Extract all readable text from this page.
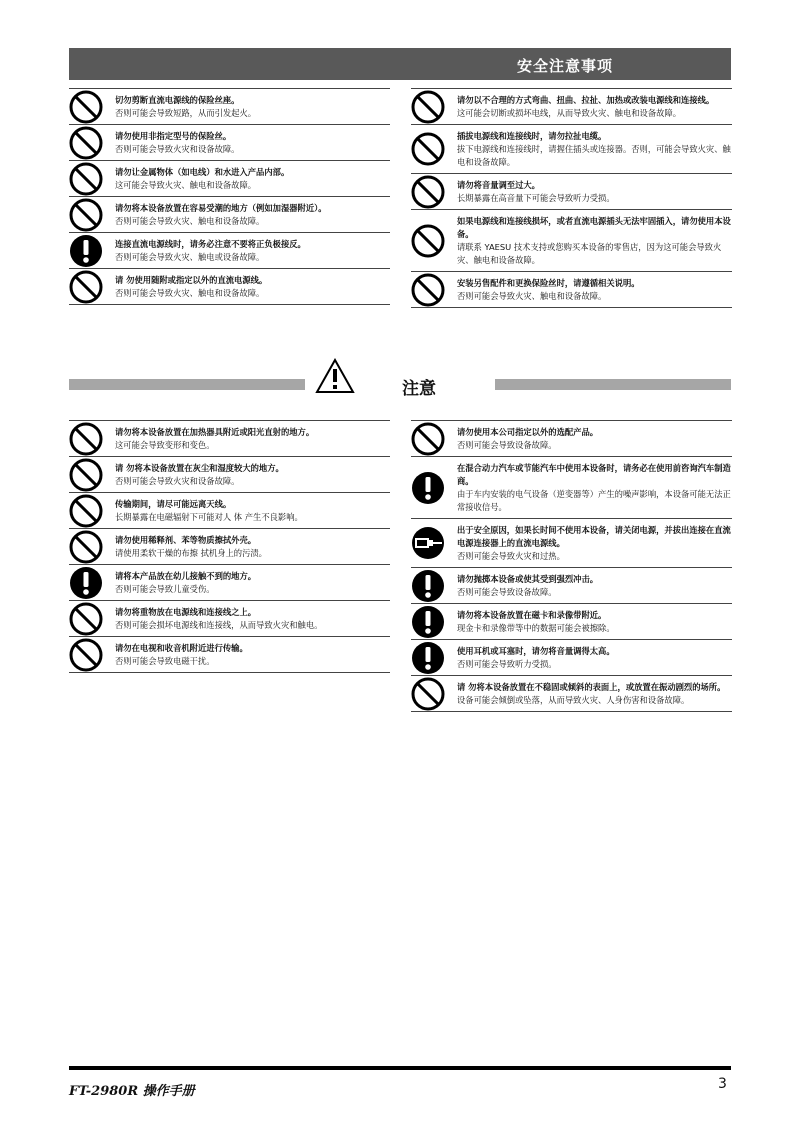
安全注意事项
切勿剪断直流电源线的保险丝座。
否则可能会导致短路，从而引发起火。
请勿使用非指定型号的保险丝。
否则可能会导致火灾和设备故障。
请勿让金属物体（如电线）和水进入产品内部。
这可能会导致火灾、触电和设备故障。
请勿将本设备放置在容易受潮的地方（例如加湿器附近）。
否则可能会导致火灾、触电和设备故障。
连接直流电源线时，请务必注意不要将正负极接反。
否则可能会导致火灾、触电或设备故障。
请 勿使用随附或指定以外的直流电源线。
否则可能会导致火灾、触电和设备故障。
请勿以不合理的方式弯曲、扭曲、拉扯、加热或改装电源线和连接线。
这可能会切断或损坏电线，从而导致火灾、触电和设备故障。
插拔电源线和连接线时，请勿拉扯电缆。
拔下电源线和连接线时，请握住插头或连接器。否则，可能会导致火灾、触电和设备故障。
请勿将音量调至过大。
长期暴露在高音量下可能会导致听力受损。
如果电源线和连接线损坏，或者直流电源插头无法牢固插入，请勿使用本设备。
请联系 YAESU 技术支持或您购买本设备的零售店，因为这可能会导致火灾、触电和设备故障。
安装另售配件和更换保险丝时，请遵循相关说明。
否则可能会导致火灾、触电和设备故障。
注意
请勿将本设备放置在加热器具附近或阳光直射的地方。
这可能会导致变形和变色。
请 勿将本设备放置在灰尘和湿度较大的地方。
否则可能会导致火灾和设备故障。
传输期间，请尽可能远离天线。
长期暴露在电磁辐射下可能对人 体 产生不良影响。
请勿使用稀释剂、苯等物质擦拭外壳。
请使用柔软干燥的布擦 拭机身上的污渍。
请将本产品放在幼儿接触不到的地方。
否则可能会导致儿童受伤。
请勿将重物放在电源线和连接线之上。
否则可能会损坏电源线和连接线，从而导致火灾和触电。
请勿在电视和收音机附近进行传输。
否则可能会导致电磁干扰。
请勿使用本公司指定以外的选配产品。
否则可能会导致设备故障。
在混合动力汽车或节能汽车中使用本设备时，请务必在使用前咨询汽车制造商。
由于车内安装的电气设备（逆变器等）产生的噪声影响，本设备可能无法正常接收信号。
出于安全原因，如果长时间不使用本设备，请关闭电源，并拔出连接在直流电源连接器上的直流电源线。
否则可能会导致火灾和过热。
请勿抛掷本设备或使其受到强烈冲击。
否则可能会导致设备故障。
请勿将本设备放置在磁卡和录像带附近。
现金卡和录像带等中的数据可能会被擦除。
使用耳机或耳塞时，请勿将音量调得太高。
否则可能会导致听力受损。
请 勿将本设备放置在不稳固或倾斜的表面上，或放置在振动剧烈的场所。
设备可能会倾倒或坠落，从而导致火灾、人身伤害和设备故障。
FT-2980R 操作手册	3
